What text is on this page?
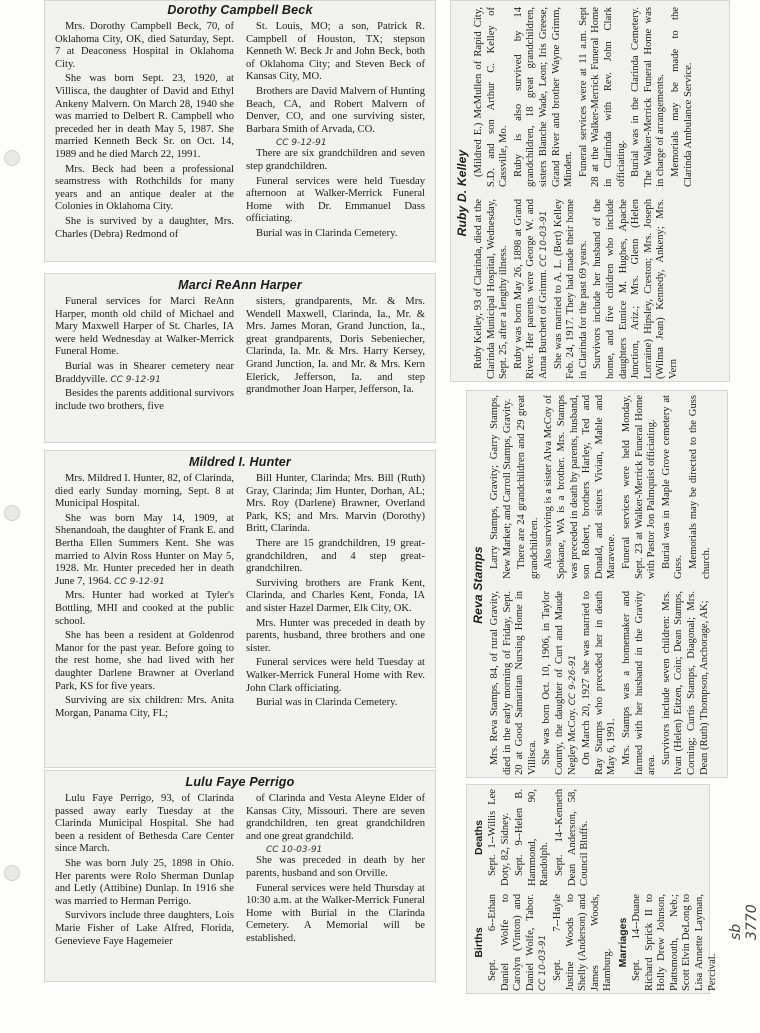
Dorothy Campbell Beck

Mrs. Dorothy Campbell Beck, 70, of Oklahoma City, OK, died Saturday, Sept. 7 at Deaconess Hospital in Oklahoma City.

She was born Sept. 23, 1920, at Villisca, the daughter of David and Ethyl Ankeny Malvern. On March 28, 1940 she was married to Delbert R. Campbell who preceded her in death May 5, 1987. She married Kenneth Beck Sr. on Oct. 14, 1989 and he died March 22, 1991.

Mrs. Beck had been a professional seamstress with Rothchilds for many years and an antique dealer at the Colonies in Oklahoma City.

She is survived by a daughter, Mrs. Charles (Debra) Redmond of

St. Louis, MO; a son, Patrick R. Campbell of Houston, TX; stepson Kenneth W. Beck Jr and John Beck, both of Oklahoma City; and Steven Beck of Kansas City, MO.

Brothers are David Malvern of Hunting Beach, CA, and Robert Malvern of Denver, CO, and one surviving sister, Barbara Smith of Arvada, CO.

CC 9-12-91

There are six grandchildren and seven step grandchildren.

Funeral services were held Tuesday afternoon at Walker-Merrick Funeral Home with Dr. Emmanuel Dass officiating.

Burial was in Clarinda Cemetery.

Marci ReAnn Harper

Funeral services for Marci ReAnn Harper, month old child of Michael and Mary Maxwell Harper of St. Charles, IA were held Wednesday at Walker-Merrick Funeral Home.

Burial was in Shearer cemetery near Braddyville. CC 9-12-91

Besides the parents additional survivors include two brothers, five

sisters, grandparents, Mr. & Mrs. Wendell Maxwell, Clarinda, Ia., Mr. & Mrs. James Moran, Grand Junction, Ia., great grandparents, Doris Sebeniecher, Clarinda, Ia. Mr. & Mrs. Harry Kersey, Grand Junction, Ia. and Mr. & Mrs. Kern Elerick, Jefferson, Ia. and step grandmother Joan Harper, Jefferson, Ia.

Mildred I. Hunter

Mrs. Mildred I. Hunter, 82, of Clarinda, died early Sunday morning, Sept. 8 at Municipal Hospital.

She was born May 14, 1909, at Shenandoah, the daughter of Frank E. and Bertha Ellen Summers Kent. She was married to Alvin Ross Hunter on May 5, 1928. Mr. Hunter preceded her in death June 7, 1964. CC 9-12-91

Mrs. Hunter had worked at Tyler's Bottling, MHI and cooked at the public school.

She has been a resident at Goldenrod Manor for the past year. Before going to the rest home, she had lived with her daughter Darlene Brawner at Overland Park, KS for five years.

Surviving are six children: Mrs. Anita Morgan, Panama City, FL;

Bill Hunter, Clarinda; Mrs. Bill (Ruth) Gray, Clarinda; Jim Hunter, Dorhan, AL; Mrs. Roy (Darlene) Brawner, Overland Park, KS; and Mrs. Marvin (Dorothy) Britt, Clarinda.

There are 15 grandchildren, 19 great-grandchildren, and 4 step great-grandchilren.

Surviving brothers are Frank Kent, Clarinda, and Charles Kent, Fonda, IA and sister Hazel Darmer, Elk City, OK.

Mrs. Hunter was preceded in death by parents, husband, three brothers and one sister.

Funeral services were held Tuesday at Walker-Merrick Funeral Home with Rev. John Clark officiating.

Burial was in Clarinda Cemetery.

Lulu Faye Perrigo

Lulu Faye Perrigo, 93, of Clarinda passed away early Tuesday at the Clarinda Municipal Hospital. She had been a resident of Bethesda Care Center since March.

She was born July 25, 1898 in Ohio. Her parents were Rolo Sherman Dunlap and Letly (Attibine) Dunlap. In 1916 she was married to Herman Perrigo.

Survivors include three daughters, Lois Marie Fisher of Lake Alfred, Florida, Genevieve Faye Hagemeier

of Clarinda and Vesta Aleyne Elder of Kansas City, Missouri. There are seven grandchildren, ten great grandchildren and one great grandchild.

CC 10-03-91

She was preceded in death by her parents, husband and son Orville.

Funeral services were held Thursday at 10:30 a.m. at the Walker-Merrick Funeral Home with Burial in the Clarinda Cemetery. A Memorial will be established.

Ruby D. Kelley

Ruby Kelley, 93 of Clarinda, died at the Clarinda Municipal Hospital, Wednesday, Sept. 25, after a lengthy illness. Ruby was born May 26, 1898 at Grand River. Her parents were George W. and Anna Burchett of Grimm. CC 10-03-91 She was married to A. L. (Bert) Kelley Feb. 24, 1917. They had made their home in Clarinda for the past 69 years. Survivors include her husband of the home, and five children who include daughters Eunice M. Hughes, Apache Junction, Ariz.; Mrs. Glenn (Helen Lorraine) Hipsley, Creston; Mrs. Joseph (Wilma Jean) Kennedy, Ankeny; Mrs. Vern

(Mildred E.) McMullen of Rapid City, S.D. and son Arthur C. Kelley of Cassville, Mo. Ruby is also survived by 14 grandchildren, 18 great grandchildren, sisters Blanche Wade, Leon; Iris Greese, Grand River and brother Wayne Grimm, Minden. Funeral services were at 11 a.m. Sept 28 at the Walker-Merrick Funeral Home in Clarinda with Rev. John Clark officiating. Burial was in the Clarinda Cemetery. The Walker-Merrick Funeral Home was in charge of arrangements. Memorials may be made to the Clarinda Ambulance Service.

Reva Stamps

Mrs. Reva Stamps, 84, of rural Gravity, died in the early morning of Friday, Sept. 20 at Good Samaritan Nursing Home in Villisca. She was born Oct. 10, 1906, in Taylor County, the daughter of Curt and Maude Negley McCoy. CC 9-26-91 On March 20, 1927 she was married to Ray Stamps who preceded her in death May 6, 1991. Mrs. Stamps was a homemaker and farmed with her husband in the Gravity area. Survivors include seven children: Mrs. Ivan (Helen) Eitzen, Coin; Dean Stamps, Corning; Curtis Stamps, Diagonal; Mrs. Dean (Ruth) Thompson, Anchorage, AK;

Larry Stamps, Gravity; Garry Stamps, New Market; and Carroll Stamps, Gravity. There are 24 grandchildren and 29 great grandchildren. Also surviving is a sister Alva McCoy of Spokane, WA is a brother. Mrs. Stamps was preceded in death by parents, husband, son Robert, brothers Harley, Ted and Donald, and sisters Vivian, Mable and Maravene. Funeral services were held Monday, Sept. 23 at Walker-Merrick Funeral Home with Pastor Jon Palmquist officiating. Burial was in Maple Grove cemetery at Guss. Memorials may be directed to the Guss church.

Births Sept. 6--Ethan Daniel Wolfe to Carolyn (Vinton) and Daniel Wolfe, Tabor. CC 10-03-91 Sept. 7--Hayle Justine Woods to Shelly (Anderson) and James Woods, Hamburg.

Marriages Sept. 14--Duane Richard Sprick II to Holly Drew Johnson, Plattsmouth, Neb.; Scott Elvin DeLong to Lisa Annette Layman, Percival.

Deaths Sept. 1--Willis Lee Doty, 82, Sidney. Sept. 9--Helen B. Hammond, 90, Randolph. Sept. 14--Kenneth Dean Anderson, 58, Council Bluffs.

sb 3770
